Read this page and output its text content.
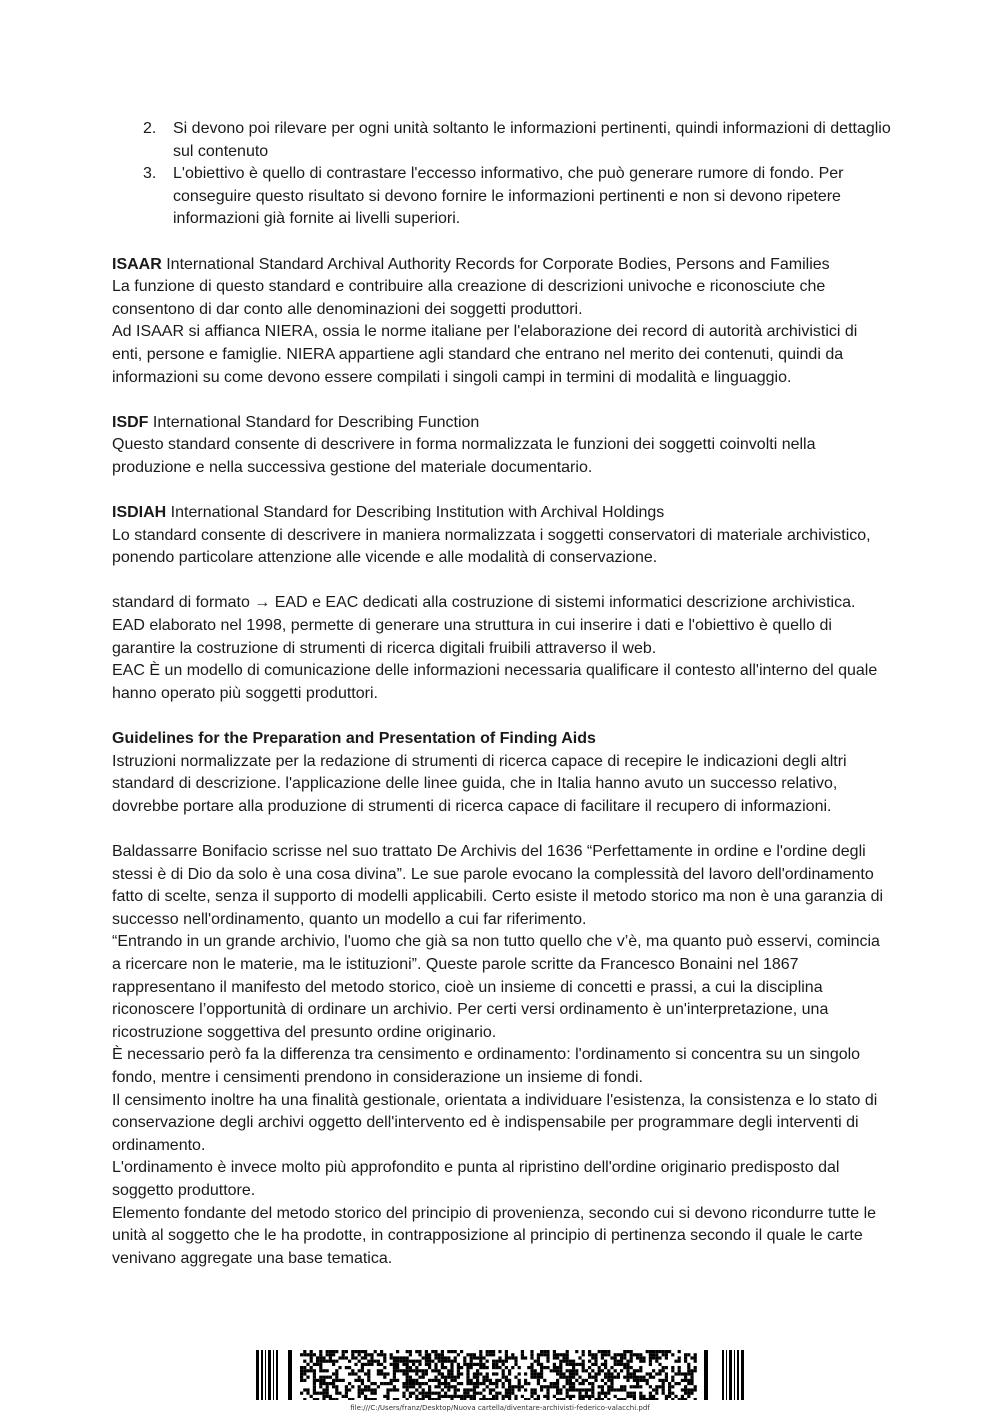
2. Si devono poi rilevare per ogni unità soltanto le informazioni pertinenti, quindi informazioni di dettaglio sul contenuto
3. L'obiettivo è quello di contrastare l'eccesso informativo, che può generare rumore di fondo. Per conseguire questo risultato si devono fornire le informazioni pertinenti e non si devono ripetere informazioni già fornite ai livelli superiori.

ISAAR International Standard Archival Authority Records for Corporate Bodies, Persons and Families

La funzione di questo standard e contribuire alla creazione di descrizioni univoche e riconosciute che consentono di dar conto alle denominazioni dei soggetti produttori.

Ad ISAAR si affianca NIERA, ossia le norme italiane per l'elaborazione dei record di autorità archivistici di enti, persone e famiglie. NIERA appartiene agli standard che entrano nel merito dei contenuti, quindi da informazioni su come devono essere compilati i singoli campi in termini di modalità e linguaggio.

ISDF International Standard for Describing Function

Questo standard consente di descrivere in forma normalizzata le funzioni dei soggetti coinvolti nella produzione e nella successiva gestione del materiale documentario.

ISDIAH International Standard for Describing Institution with Archival Holdings

Lo standard consente di descrivere in maniera normalizzata i soggetti conservatori di materiale archivistico, ponendo particolare attenzione alle vicende e alle modalità di conservazione.

standard di formato → EAD e EAC dedicati alla costruzione di sistemi informatici descrizione archivistica.

EAD elaborato nel 1998, permette di generare una struttura in cui inserire i dati e l'obiettivo è quello di garantire la costruzione di strumenti di ricerca digitali fruibili attraverso il web.

EAC È un modello di comunicazione delle informazioni necessaria qualificare il contesto all'interno del quale hanno operato più soggetti produttori.

Guidelines for the Preparation and Presentation of Finding Aids

Istruzioni normalizzate per la redazione di strumenti di ricerca capace di recepire le indicazioni degli altri standard di descrizione. l'applicazione delle linee guida, che in Italia hanno avuto un successo relativo, dovrebbe portare alla produzione di strumenti di ricerca capace di facilitare il recupero di informazioni.

Baldassarre Bonifacio scrisse nel suo trattato De Archivis del 1636 “Perfettamente in ordine e l'ordine degli stessi è di Dio da solo è una cosa divina”. Le sue parole evocano la complessità del lavoro dell'ordinamento fatto di scelte, senza il supporto di modelli applicabili. Certo esiste il metodo storico ma non è una garanzia di successo nell'ordinamento, quanto un modello a cui far riferimento.

“Entrando in un grande archivio, l'uomo che già sa non tutto quello che v’è, ma quanto può esservi, comincia a ricercare non le materie, ma le istituzioni”. Queste parole scritte da Francesco Bonaini nel 1867 rappresentano il manifesto del metodo storico, cioè un insieme di concetti e prassi, a cui la disciplina riconoscere l’opportunità di ordinare un archivio. Per certi versi ordinamento è un'interpretazione, una ricostruzione soggettiva del presunto ordine originario.

È necessario però fa la differenza tra censimento e ordinamento: l'ordinamento si concentra su un singolo fondo, mentre i censimenti prendono in considerazione un insieme di fondi.

Il censimento inoltre ha una finalità gestionale, orientata a individuare l'esistenza, la consistenza e lo stato di conservazione degli archivi oggetto dell'intervento ed è indispensabile per programmare degli interventi di ordinamento.

L'ordinamento è invece molto più approfondito e punta al ripristino dell'ordine originario predisposto dal soggetto produttore.

Elemento fondante del metodo storico del principio di provenienza, secondo cui si devono ricondurre tutte le unità al soggetto che le ha prodotte, in contrapposizione al principio di pertinenza secondo il quale le carte venivano aggregate una base tematica.

file:///C:/Users/franz/Desktop/Nuova cartella/diventare-archivisti-federico-valacchi.pdf
